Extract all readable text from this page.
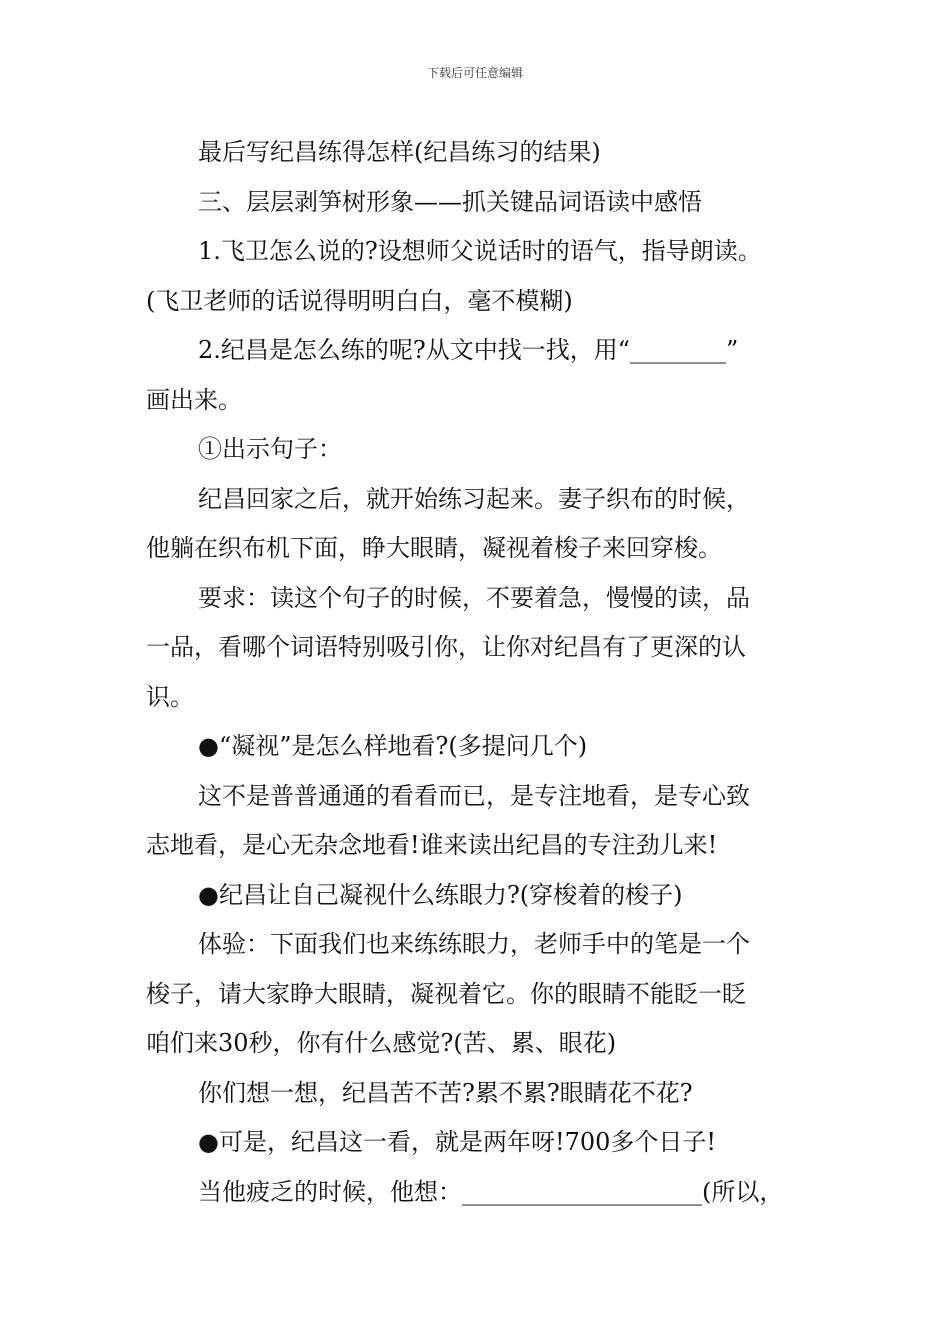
下载后可任意编辑
最后写纪昌练得怎样(纪昌练习的结果)
三、层层剥笋树形象——抓关键品词语读中感悟
1.飞卫怎么说的?设想师父说话时的语气，指导朗读。
(飞卫老师的话说得明明白白，毫不模糊)
2.纪昌是怎么练的呢?从文中找一找，用“________”
画出来。
①出示句子：
纪昌回家之后，就开始练习起来。妻子织布的时候，
他躺在织布机下面，睁大眼睛，凝视着梭子来回穿梭。
要求：读这个句子的时候，不要着急，慢慢的读，品
一品，看哪个词语特别吸引你，让你对纪昌有了更深的认
识。
●“凝视”是怎么样地看?(多提问几个)
这不是普普通通的看看而已，是专注地看，是专心致
志地看，是心无杂念地看!谁来读出纪昌的专注劲儿来!
●纪昌让自己凝视什么练眼力?(穿梭着的梭子)
体验：下面我们也来练练眼力，老师手中的笔是一个
梭子，请大家睁大眼睛，凝视着它。你的眼睛不能眨一眨
咱们来30秒，你有什么感觉?(苦、累、眼花)
你们想一想，纪昌苦不苦?累不累?眼睛花不花?
●可是，纪昌这一看，就是两年呀!700多个日子!
当他疲乏的时候，他想：____________________(所以，
